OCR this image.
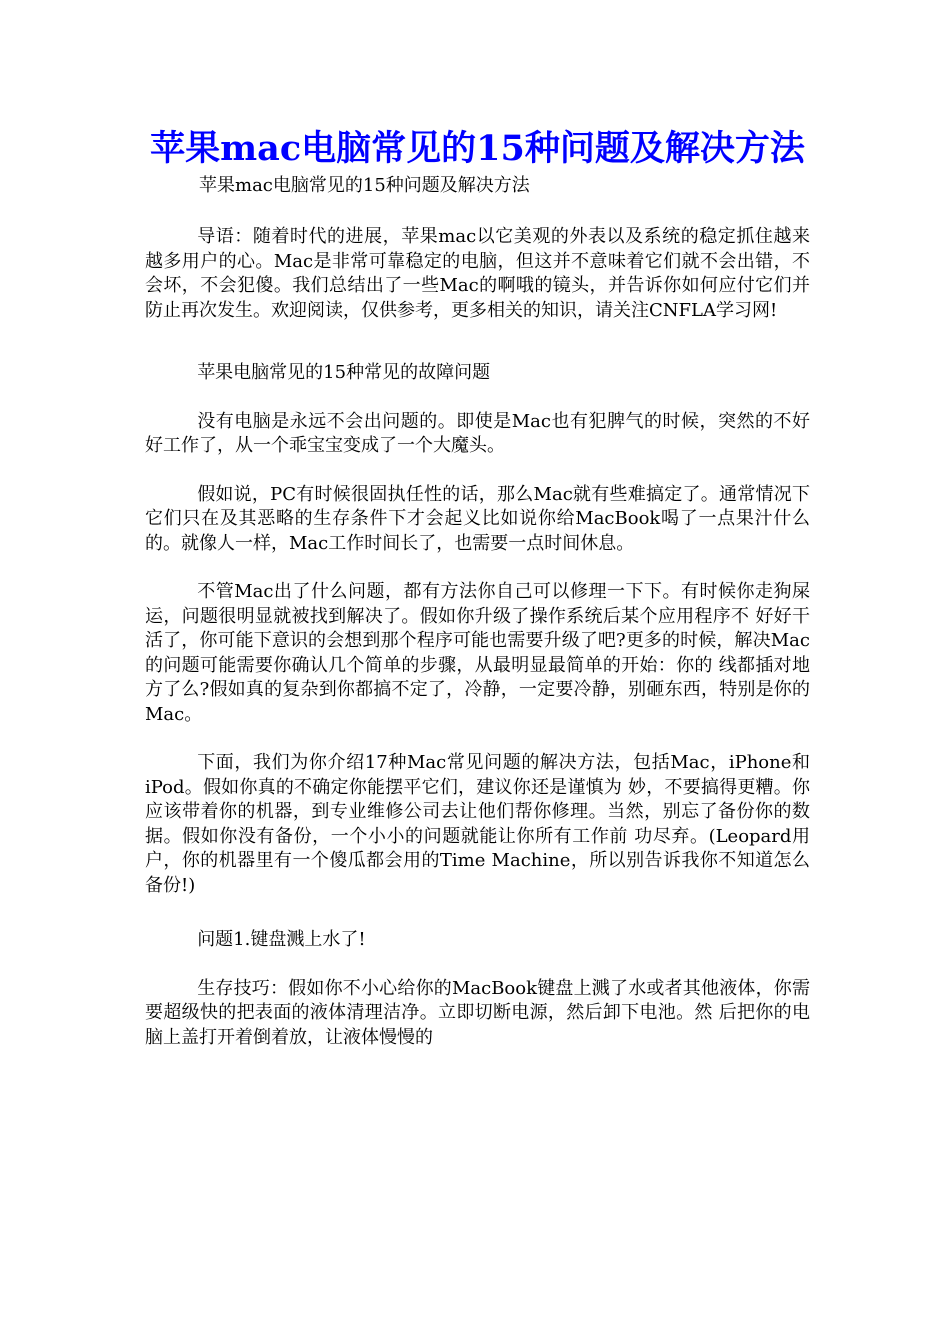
苹果mac电脑常见的15种问题及解决方法

苹果mac电脑常见的15种问题及解决方法

导语：随着时代的进展，苹果mac以它美观的外表以及系统的稳定抓住越来越多用户的心。Mac是非常可靠稳定的电脑，但这并不意味着它们就不会出错，不会坏，不会犯傻。我们总结出了一些Mac的啊哦的镜头，并告诉你如何应付它们并防止再次发生。欢迎阅读，仅供参考，更多相关的知识，请关注CNFLA学习网!

苹果电脑常见的15种常见的故障问题

没有电脑是永远不会出问题的。即使是Mac也有犯脾气的时候，突然的不好好工作了，从一个乖宝宝变成了一个大魔头。

假如说，PC有时候很固执任性的话，那么Mac就有些难搞定了。通常情况下它们只在及其恶略的生存条件下才会起义比如说你给MacBook喝了一点果汁什么的。就像人一样，Mac工作时间长了，也需要一点时间休息。

不管Mac出了什么问题，都有方法你自己可以修理一下下。有时候你走狗屎运，问题很明显就被找到解决了。假如你升级了操作系统后某个应用程序不 好好干活了，你可能下意识的会想到那个程序可能也需要升级了吧?更多的时候，解决Mac的问题可能需要你确认几个简单的步骤，从最明显最简单的开始：你的 线都插对地方了么?假如真的复杂到你都搞不定了，冷静，一定要冷静，别砸东西，特别是你的Mac。

下面，我们为你介绍17种Mac常见问题的解决方法，包括Mac，iPhone和iPod。假如你真的不确定你能摆平它们，建议你还是谨慎为 妙，不要搞得更糟。你应该带着你的机器，到专业维修公司去让他们帮你修理。当然，别忘了备份你的数据。假如你没有备份，一个小小的问题就能让你所有工作前 功尽弃。(Leopard用户，你的机器里有一个傻瓜都会用的Time Machine，所以别告诉我你不知道怎么备份!)

问题1.键盘溅上水了!

生存技巧：假如你不小心给你的MacBook键盘上溅了水或者其他液体，你需要超级快的把表面的液体清理洁净。立即切断电源，然后卸下电池。然 后把你的电脑上盖打开着倒着放，让液体慢慢的
